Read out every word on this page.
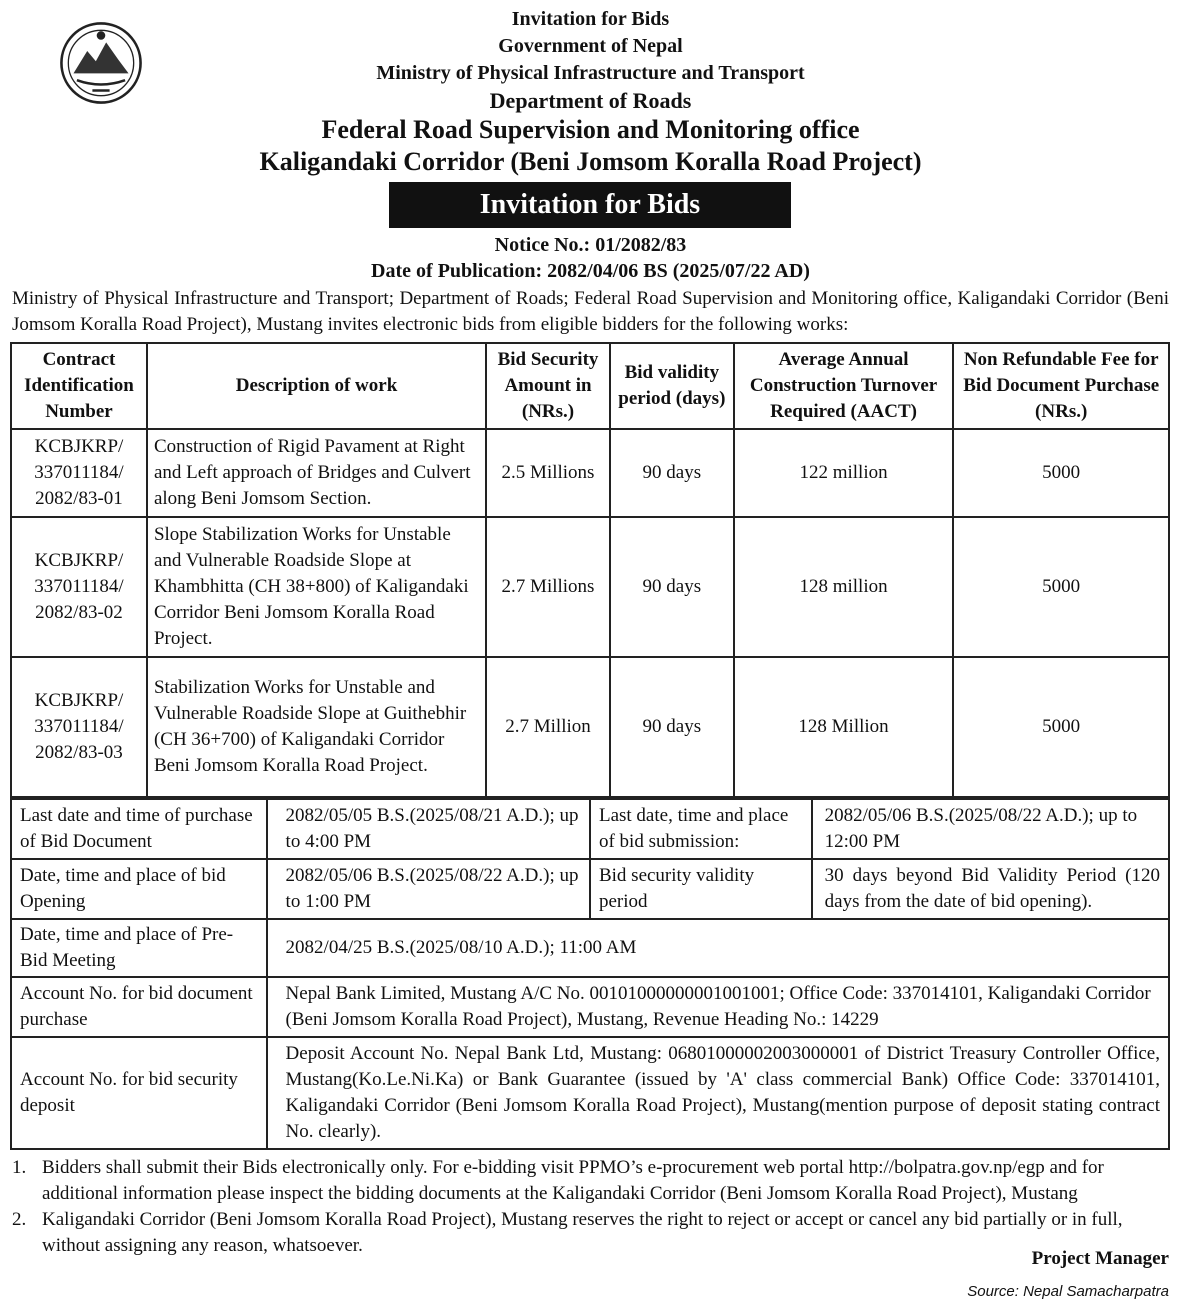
Invitation for Bids
Government of Nepal
Ministry of Physical Infrastructure and Transport
Department of Roads
Federal Road Supervision and Monitoring office
Kaligandaki Corridor (Beni Jomsom Koralla Road Project)
Invitation for Bids
Notice No.: 01/2082/83
Date of Publication: 2082/04/06 BS (2025/07/22 AD)
Ministry of Physical Infrastructure and Transport; Department of Roads; Federal Road Supervision and Monitoring office, Kaligandaki Corridor (Beni Jomsom Koralla Road Project), Mustang invites electronic bids from eligible bidders for the following works:
Contract Identification Number	Description of work	Bid Security Amount in (NRs.)	Bid validity period (days)	Average Annual Construction Turnover Required (AACT)	Non Refundable Fee for Bid Document Purchase (NRs.)
KCBJKRP/ 337011184/ 2082/83-01	Construction of Rigid Pavament at Right and Left approach of Bridges and Culvert along Beni Jomsom Section.	2.5 Millions	90 days	122 million	5000
KCBJKRP/ 337011184/ 2082/83-02	Slope Stabilization Works for Unstable and Vulnerable Roadside Slope at Khambhitta (CH 38+800) of Kaligandaki Corridor Beni Jomsom Koralla Road Project.	2.7 Millions	90 days	128 million	5000
KCBJKRP/ 337011184/ 2082/83-03	Stabilization Works for Unstable and Vulnerable Roadside Slope at Guithebhir (CH 36+700) of Kaligandaki Corridor Beni Jomsom Koralla Road Project.	2.7 Million	90 days	128 Million	5000
Last date and time of purchase of Bid Document	2082/05/05 B.S.(2025/08/21 A.D.); up to 4:00 PM	Last date, time and place of bid submission:	2082/05/06 B.S.(2025/08/22 A.D.); up to 12:00 PM
Date, time and place of bid Opening	2082/05/06 B.S.(2025/08/22 A.D.); up to 1:00 PM	Bid security validity period	30 days beyond Bid Validity Period (120 days from the date of bid opening).
Date, time and place of Pre-Bid Meeting	2082/04/25 B.S.(2025/08/10 A.D.); 11:00 AM		
Account No. for bid document purchase	Nepal Bank Limited, Mustang A/C No. 00101000000001001001; Office Code: 337014101, Kaligandaki Corridor (Beni Jomsom Koralla Road Project), Mustang, Revenue Heading No.: 14229		
Account No. for bid security deposit	Deposit Account No. Nepal Bank Ltd, Mustang: 06801000002003000001 of District Treasury Controller Office, Mustang(Ko.Le.Ni.Ka) or Bank Guarantee (issued by 'A' class commercial Bank) Office Code: 337014101, Kaligandaki Corridor (Beni Jomsom Koralla Road Project), Mustang(mention purpose of deposit stating contract No. clearly).		
1. Bidders shall submit their Bids electronically only. For e-bidding visit PPMO’s e-procurement web portal http://bolpatra.gov.np/egp and for additional information please inspect the bidding documents at the Kaligandaki Corridor (Beni Jomsom Koralla Road Project), Mustang
2. Kaligandaki Corridor (Beni Jomsom Koralla Road Project), Mustang reserves the right to reject or accept or cancel any bid partially or in full, without assigning any reason, whatsoever.
Project Manager
Source: Nepal Samacharpatra
